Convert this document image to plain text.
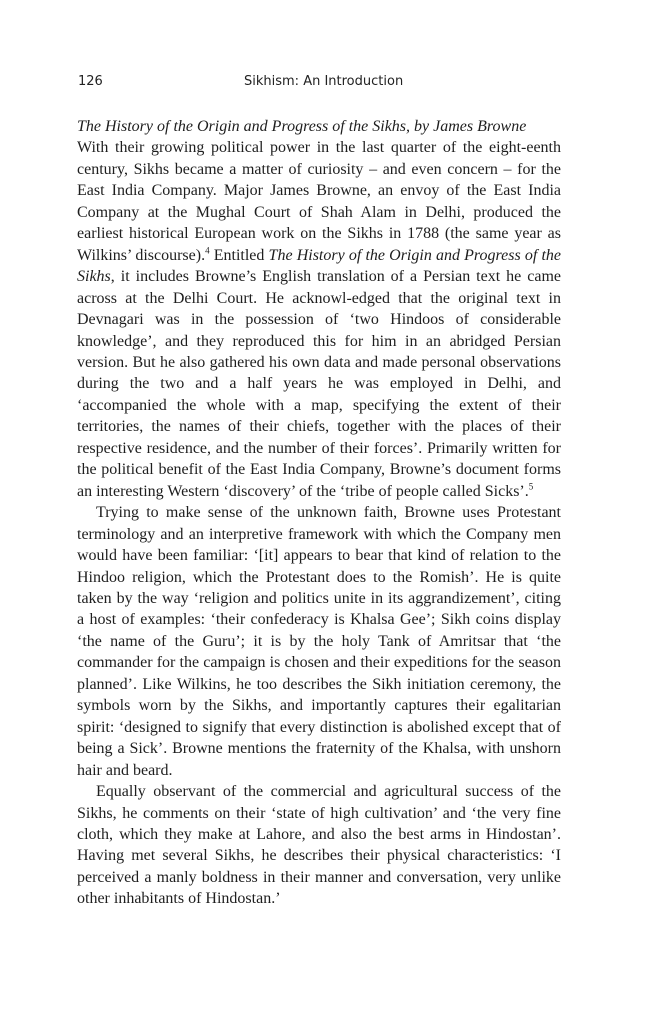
126	Sikhism: An Introduction

The History of the Origin and Progress of the Sikhs, by James Browne

With their growing political power in the last quarter of the eight-eenth century, Sikhs became a matter of curiosity – and even concern – for the East India Company. Major James Browne, an envoy of the East India Company at the Mughal Court of Shah Alam in Delhi, produced the earliest historical European work on the Sikhs in 1788 (the same year as Wilkins’ discourse).$^4$ Entitled The History of the Origin and Progress of the Sikhs, it includes Browne’s English translation of a Persian text he came across at the Delhi Court. He acknowl-edged that the original text in Devnagari was in the possession of ‘two Hindoos of considerable knowledge’, and they reproduced this for him in an abridged Persian version. But he also gathered his own data and made personal observations during the two and a half years he was employed in Delhi, and ‘accompanied the whole with a map, specifying the extent of their territories, the names of their chiefs, together with the places of their respective residence, and the number of their forces’. Primarily written for the political benefit of the East India Company, Browne’s document forms an interesting Western ‘discovery’ of the ‘tribe of people called Sicks’.$^5$

Trying to make sense of the unknown faith, Browne uses Protestant terminology and an interpretive framework with which the Company men would have been familiar: ‘[it] appears to bear that kind of relation to the Hindoo religion, which the Protestant does to the Romish’. He is quite taken by the way ‘religion and politics unite in its aggrandizement’, citing a host of examples: ‘their confederacy is Khalsa Gee’; Sikh coins display ‘the name of the Guru’; it is by the holy Tank of Amritsar that ‘the commander for the campaign is chosen and their expeditions for the season planned’. Like Wilkins, he too describes the Sikh initiation ceremony, the symbols worn by the Sikhs, and importantly captures their egalitarian spirit: ‘designed to signify that every distinction is abolished except that of being a Sick’. Browne mentions the fraternity of the Khalsa, with unshorn hair and beard.

Equally observant of the commercial and agricultural success of the Sikhs, he comments on their ‘state of high cultivation’ and ‘the very fine cloth, which they make at Lahore, and also the best arms in Hindostan’. Having met several Sikhs, he describes their physical characteristics: ‘I perceived a manly boldness in their manner and conversation, very unlike other inhabitants of Hindostan.’
